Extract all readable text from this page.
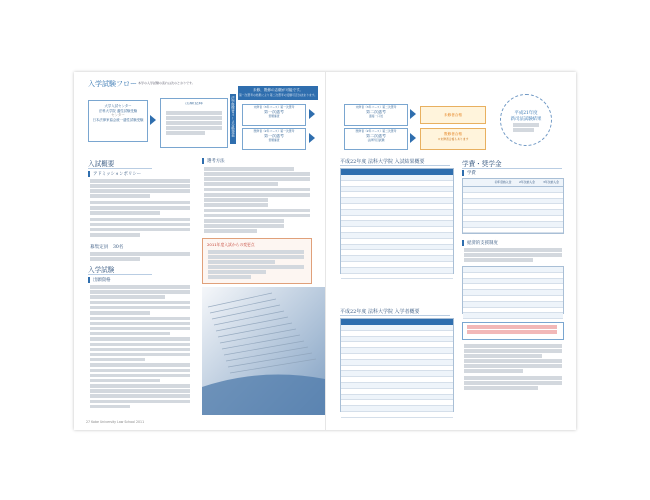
入学試験フロー 本学の入学試験の流れは次のとおりです。
大学入試センター
法科大学院 適性試験受験
センター
日本法律家協会統一適性試験受験
出願登録	法学既修者コース合格発表
未修、既修の志願が可能です。
第一次選考の結果により第二次選考の受験可否が決まります。
未修者（3年コース）第一次選考
第一次選考
書類審査
既修者（2年コース）第一次選考
第一次選考
書類審査
未修者（3年コース）第二次選考
第二次選考
面接・口述
既修者（2年コース）第二次選考
第二次選考
法律科目試験
未修者合格
既修者合格
＊未修者合格もあります
平成21年度
新司法試験結果
入試概要
アドミッションポリシー
募集定員　30名
入学試験
出願資格
選考方法
2011年度入試からの変更点
平成22年度 法科大学院 入試結果概要
平成22年度 法科大学院 入学者概要
学費・奨学金
学費
初年度納入金	2年次納入金	3年次納入金
経済的支援制度
27 Kobe University Law School 2011
